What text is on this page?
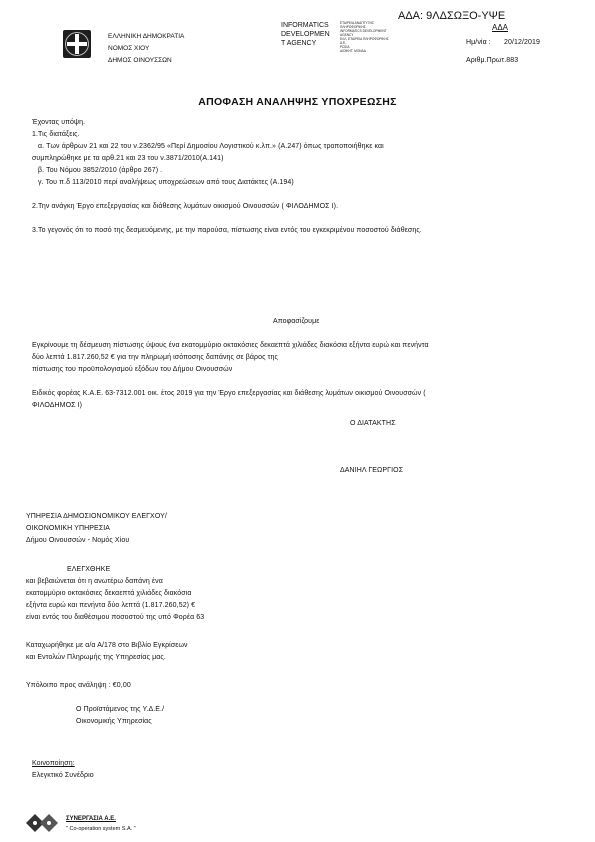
ΕΛΛΗΝΙΚΗ ΔΗΜΟΚΡΑΤΙΑ
ΝΟΜΟΣ ΧΙΟΥ
ΔΗΜΟΣ ΟΙΝΟΥΣΣΩΝ
INFORMATICS
DEVELOPMEN
T AGENCY
ΕΤΑΙΡΕΙΑ ΑΝΑΠΤΥΞΗΣ
ΠΛΗΡΟΦΟΡΙΚΗΣ
INFORMATICS DEVELOPMENT AGENCY
ΕΛΛ. ΕΤΑΙΡΕΙΑ ΠΛΗΡΟΦΟΡΙΚΗΣ
Α.Ε.
ΡΩΣΙΑ
ΔΙΟΙΚΗΤ. ΜΟΝΑΔ
ΑΔΑ: 9ΛΔΣΩΞΟ-ΥΨΕ
ΑΔΑ
Ημ/νία : 20/12/2019
Αριθμ.Πρωτ.883
ΑΠΟΦΑΣΗ ΑΝΑΛΗΨΗΣ ΥΠΟΧΡΕΩΣΗΣ
Έχοντας υπόψη.
1.Τις διατάξεις.
α. Των άρθρων 21 και 22 του ν.2362/95 «Περί Δημοσίου Λογιστικού κ.λπ.» (Α.247) όπως τροποποιήθηκε και
συμπληρώθηκε με τα αρθ.21 και 23 του ν.3871/2010(Α.141)
β. Του Νόμου 3852/2010 (άρθρο 267) .
γ. Του π.δ 113/2010 περί αναλήψεως υποχρεώσεων από τους Διατάκτες (Α.194)
2.Την ανάγκη Έργο επεξεργασίας και διάθεσης λυμάτων οικισμού Οινουσσών ( ΦΙΛΟΔΗΜΟΣ Ι).
3.Το γεγονός ότι το ποσό της δεσμευόμενης, με την παρούσα, πίστωσης είναι εντός του εγκεκριμένου ποσοστού διάθεσης.
Αποφασίζουμε
Εγκρίνουμε τη δέσμευση πίστωσης ύψους ένα εκατομμύριο οκτακόσιες δεκαεπτά χιλιάδες διακόσια εξήντα ευρώ και πενήντα
δύο λεπτά 1.817.260,52 € για την πληρωμή ισόποσης δαπάνης σε βάρος της
πίστωσης του προϋπολογισμού εξόδων του Δήμου Οινουσσών
Ειδικός φορέας Κ.Α.Ε. 63-7312.001 οικ. έτος 2019 για την Έργο επεξεργασίας και διάθεσης λυμάτων οικισμού Οινουσσών (
ΦΙΛΟΔΗΜΟΣ Ι)
Ο ΔΙΑΤΑΚΤΗΣ
ΔΑΝΙΗΛ ΓΕΩΡΓΙΟΣ
ΥΠΗΡΕΣΙΑ ΔΗΜΟΣΙΟΝΟΜΙΚΟΥ ΕΛΕΓΧΟΥ/
ΟΙΚΟΝΟΜΙΚΗ ΥΠΗΡΕΣΙΑ
Δήμου Οινουσσών - Νομός Χίου
ΕΛΕΓΧΘΗΚΕ
και βεβαιώνεται ότι η ανωτέρω δαπάνη ένα
εκατομμύριο οκτακόσιες δεκαεπτά χιλιάδες διακόσια
εξήντα ευρώ και πενήντα δύο λεπτά (1.817.260,52) €
είναι εντός του διαθέσιμου ποσοστού της υπό Φορέα 63
Καταχωρήθηκε με α/α Α/178 στο Βιβλίο Εγκρίσεων
και Εντολών Πληρωμής της Υπηρεσίας μας.
Υπόλοιπο προς ανάληψη : €0,00
Ο Προϊστάμενος της Υ.Δ.Ε./
Οικονομικής Υπηρεσίας
Κοινοποίηση:
Ελεγκτικό Συνέδριο
ΣΥΝΕΡΓΑΣΙΑ Α.Ε.
" Co-operation system S.A. "
